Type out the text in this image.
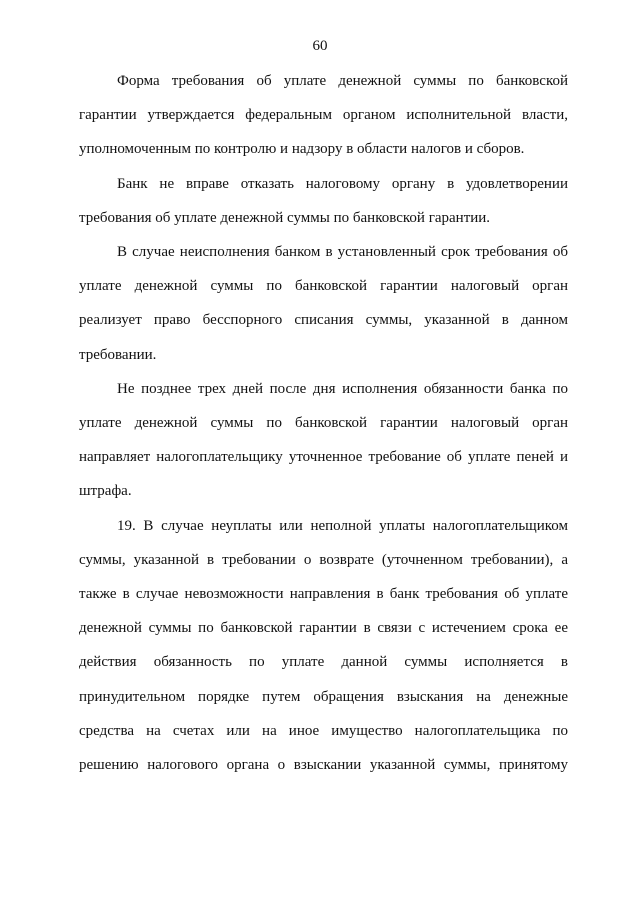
60
Форма требования об уплате денежной суммы по банковской
гарантии утверждается федеральным органом исполнительной власти,
уполномоченным по контролю и надзору в области налогов и сборов.
Банк не вправе отказать налоговому органу в удовлетворении
требования об уплате денежной суммы по банковской гарантии.
В случае неисполнения банком в установленный срок требования об
уплате денежной суммы по банковской гарантии налоговый орган
реализует право бесспорного списания суммы, указанной в данном
требовании.
Не позднее трех дней после дня исполнения обязанности банка по
уплате денежной суммы по банковской гарантии налоговый орган
направляет налогоплательщику уточненное требование об уплате пеней и
штрафа.
19. В случае неуплаты или неполной уплаты налогоплательщиком
суммы, указанной в требовании о возврате (уточненном требовании), а
также в случае невозможности направления в банк требования об уплате
денежной суммы по банковской гарантии в связи с истечением срока ее
действия обязанность по уплате данной суммы исполняется в
принудительном порядке путем обращения взыскания на денежные
средства на счетах или на иное имущество налогоплательщика по
решению налогового органа о взыскании указанной суммы, принятому
